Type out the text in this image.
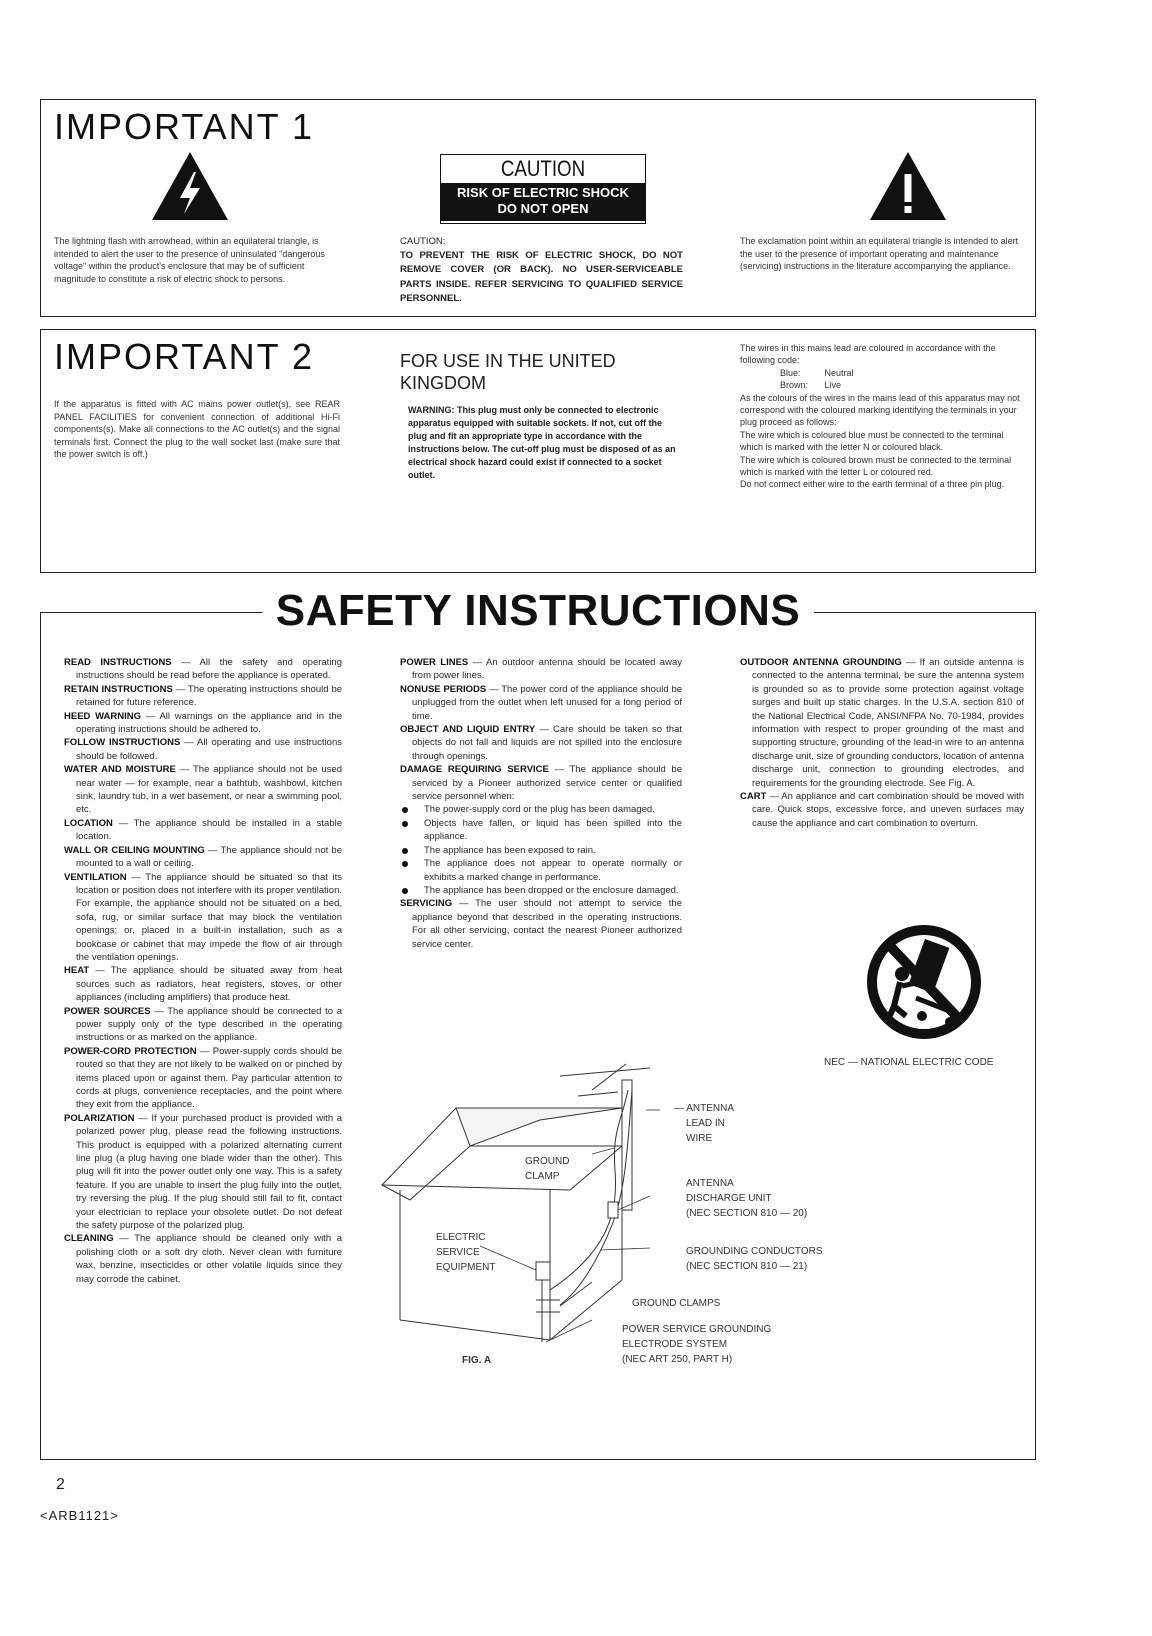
IMPORTANT 1
The lightning flash with arrowhead, within an equilateral triangle, is intended to alert the user to the presence of uninsulated "dangerous voltage" within the product's enclosure that may be of sufficient magnitude to constitute a risk of electric shock to persons.
CAUTION
RISK OF ELECTRIC SHOCK
DO NOT OPEN
CAUTION:
TO PREVENT THE RISK OF ELECTRIC SHOCK, DO NOT REMOVE COVER (OR BACK). NO USER-SERVICEABLE PARTS INSIDE. REFER SERVICING TO QUALIFIED SERVICE PERSONNEL.
The exclamation point within an equilateral triangle is intended to alert the user to the presence of important operating and maintenance (servicing) instructions in the literature accompanying the appliance.
IMPORTANT 2
If the apparatus is fitted with AC mains power outlet(s), see REAR PANEL FACILITIES for convenient connection of additional Hi-Fi components(s). Make all connections to the AC outlet(s) and the signal terminals first. Connect the plug to the wall socket last (make sure that the power switch is off.)
FOR USE IN THE UNITED KINGDOM
WARNING: This plug must only be connected to electronic apparatus equipped with suitable sockets. If not, cut off the plug and fit an appropriate type in accordance with the instructions below. The cut-off plug must be disposed of as an electrical shock hazard could exist if connected to a socket outlet.

The wires in this mains lead are coloured in accordance with the following code:

Blue:	Neutral

Brown: Live

As the colours of the wires in the mains lead of this apparatus may not correspond with the coloured marking identifying the terminals in your plug proceed as follows:

The wire which is coloured blue must be connected to the terminal which is marked with the letter N or coloured black.

The wire which is coloured brown must be connected to the terminal which is marked with the letter L or coloured red.

Do not connect either wire to the earth terminal of a three pin plug.

SAFETY INSTRUCTIONS

READ INSTRUCTIONS — All the safety and operating instructions should be read before the appliance is operated.

RETAIN INSTRUCTIONS — The operating instructions should be retained for future reference.

HEED WARNING — All warnings on the appliance and in the operating instructions should be adhered to.

FOLLOW INSTRUCTIONS — All operating and use instructions should be followed.

WATER AND MOISTURE — The appliance should not be used near water — for example, near a bathtub, washbowl, kitchen sink, laundry tub, in a wet basement, or near a swimming pool, etc.

LOCATION — The appliance should be installed in a stable location.

WALL OR CEILING MOUNTING — The appliance should not be mounted to a wall or ceiling.

VENTILATION — The appliance should be situated so that its location or position does not interfere with its proper ventilation. For example, the appliance should not be situated on a bed, sofa, rug, or similar surface that may block the ventilation openings; or, placed in a built-in installation, such as a bookcase or cabinet that may impede the flow of air through the ventilation openings.

HEAT — The appliance should be situated away from heat sources such as radiators, heat registers, stoves, or other appliances (including amplifiers) that produce heat.

POWER SOURCES — The appliance should be connected to a power supply only of the type described in the operating instructions or as marked on the appliance.

POWER-CORD PROTECTION — Power-supply cords should be routed so that they are not likely to be walked on or pinched by items placed upon or against them. Pay particular attention to cords at plugs, convenience receptacles, and the point where they exit from the appliance.

POLARIZATION — If your purchased product is provided with a polarized power plug, please read the following instructions. This product is equipped with a polarized alternating current line plug (a plug having one blade wider than the other). This plug will fit into the power outlet only one way. This is a safety feature. If you are unable to insert the plug fully into the outlet, try reversing the plug. If the plug should still fail to fit, contact your electrician to replace your obsolete outlet. Do not defeat the safety purpose of the polarized plug.

CLEANING — The appliance should be cleaned only with a polishing cloth or a soft dry cloth. Never clean with furniture wax, benzine, insecticides or other volatile liquids since they may corrode the cabinet.

POWER LINES — An outdoor antenna should be located away from power lines.

NONUSE PERIODS — The power cord of the appliance should be unplugged from the outlet when left unused for a long period of time.

OBJECT AND LIQUID ENTRY — Care should be taken so that objects do not fall and liquids are not spilled into the enclosure through openings.

DAMAGE REQUIRING SERVICE — The appliance should be serviced by a Pioneer authorized service center or qualified service personnel when:

The power-supply cord or the plug has been damaged.
Objects have fallen, or liquid has been spilled into the appliance.
The appliance has been exposed to rain.
The appliance does not appear to operate normally or exhibits a marked change in performance.
The appliance has been dropped or the enclosure damaged.

SERVICING — The user should not attempt to service the appliance beyond that described in the operating instructions. For all other servicing, contact the nearest Pioneer authorized service center.

OUTDOOR ANTENNA GROUNDING — If an outside antenna is connected to the antenna terminal, be sure the antenna system is grounded so as to provide some protection against voltage surges and built up static charges. In the U.S.A. section 810 of the National Electrical Code, ANSI/NFPA No. 70-1984, provides information with respect to proper grounding of the mast and supporting structure, grounding of the lead-in wire to an antenna discharge unit, size of grounding conductors, location of antenna discharge unit, connection to grounding electrodes, and requirements for the grounding electrode. See Fig. A.

CART — An appliance and cart combination should be moved with care. Quick stops, excessive force, and uneven surfaces may cause the appliance and cart combination to overturn.

NEC — NATIONAL ELECTRIC CODE
— ANTENNA
LEAD IN
WIRE
GROUND
CLAMP
ANTENNA
DISCHARGE UNIT
(NEC SECTION 810 — 20)
ELECTRIC
SERVICE
EQUIPMENT
GROUNDING CONDUCTORS
(NEC SECTION 810 — 21)
GROUND CLAMPS
POWER SERVICE GROUNDING
ELECTRODE SYSTEM
(NEC ART 250, PART H)
FIG. A
2
<ARB1121>
